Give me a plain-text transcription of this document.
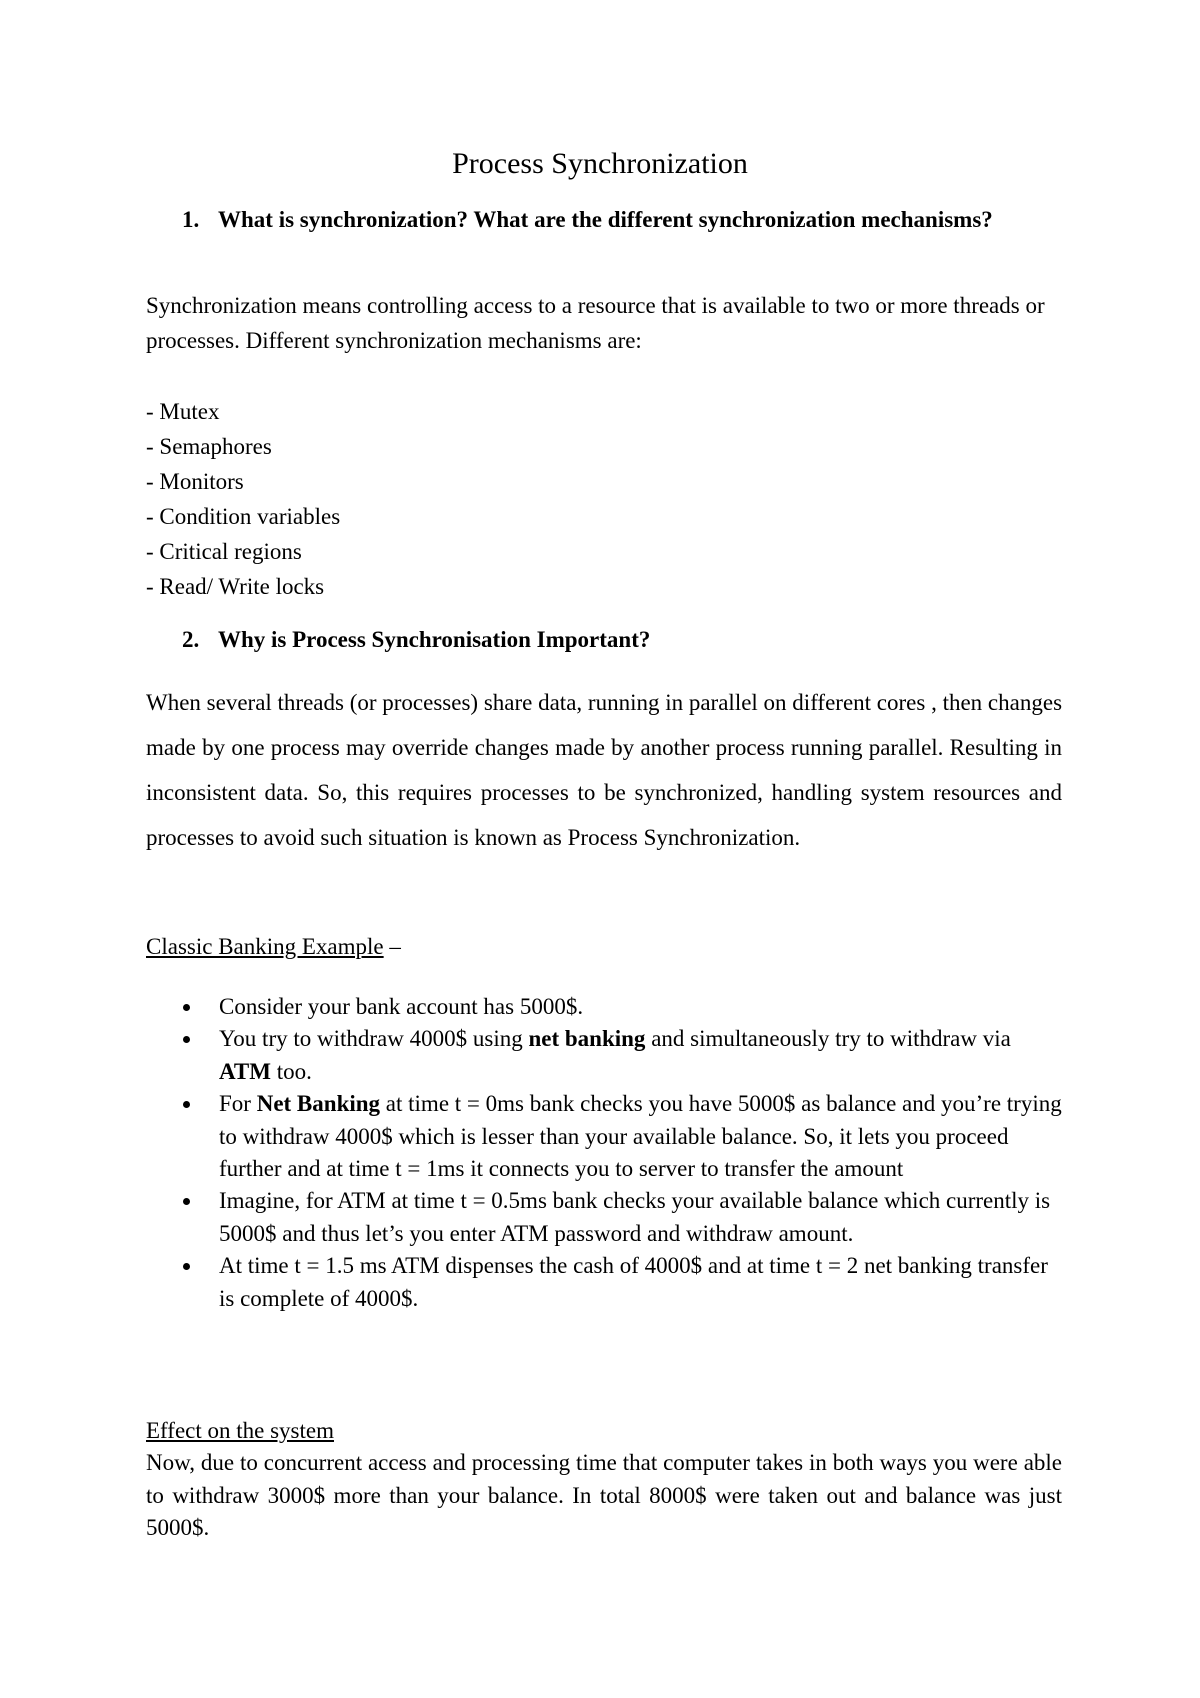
Process Synchronization

1. What is synchronization? What are the different synchronization mechanisms?

Synchronization means controlling access to a resource that is available to two or more threads or processes. Different synchronization mechanisms are:

- Mutex
- Semaphores
- Monitors
- Condition variables
- Critical regions
- Read/ Write locks

2. Why is Process Synchronisation Important?

When several threads (or processes) share data, running in parallel on different cores , then changes made by one process may override changes made by another process running parallel. Resulting in inconsistent data. So, this requires processes to be synchronized, handling system resources and processes to avoid such situation is known as Process Synchronization.

Classic Banking Example –

Consider your bank account has 5000$.
You try to withdraw 4000$ using net banking and simultaneously try to withdraw via ATM too.
For Net Banking at time t = 0ms bank checks you have 5000$ as balance and you’re trying to withdraw 4000$ which is lesser than your available balance. So, it lets you proceed further and at time t = 1ms it connects you to server to transfer the amount
Imagine, for ATM at time t = 0.5ms bank checks your available balance which currently is 5000$ and thus let’s you enter ATM password and withdraw amount.
At time t = 1.5 ms ATM dispenses the cash of 4000$ and at time t = 2 net banking transfer is complete of 4000$.

Effect on the system

Now, due to concurrent access and processing time that computer takes in both ways you were able to withdraw 3000$ more than your balance. In total 8000$ were taken out and balance was just 5000$.
